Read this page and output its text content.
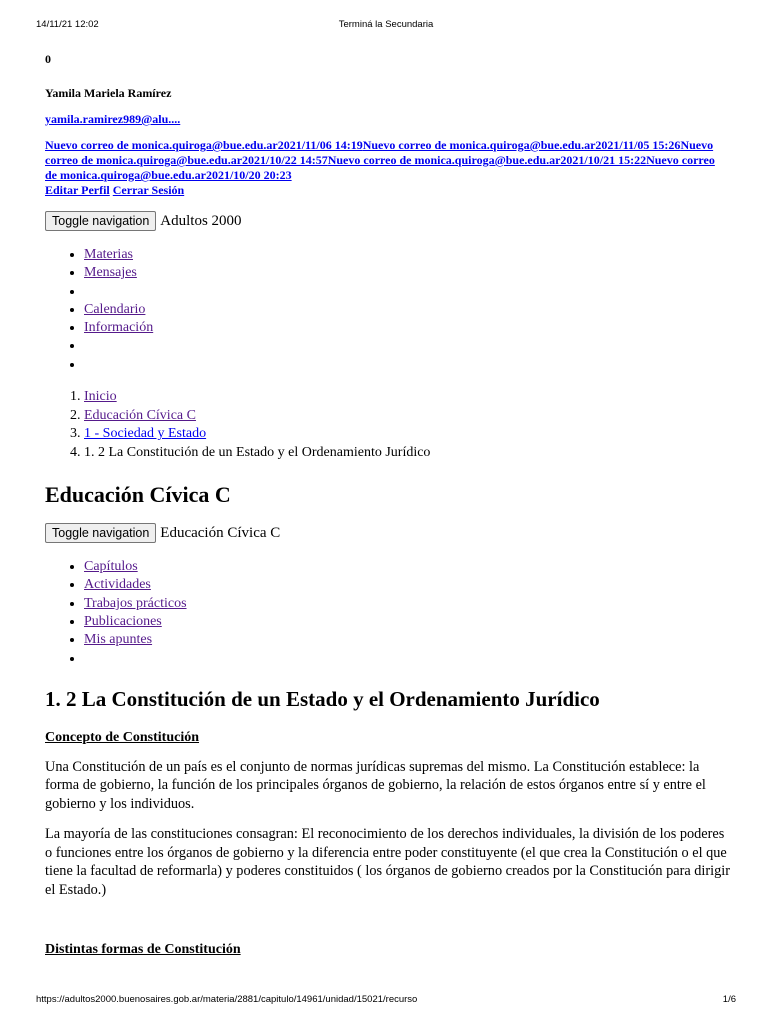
14/11/21 12:02	Terminá la Secundaria
0
Yamila Mariela Ramírez
yamila.ramirez989@alu....
Nuevo correo de monica.quiroga@bue.edu.ar2021/11/06 14:19Nuevo correo de monica.quiroga@bue.edu.ar2021/11/05 15:26Nuevo correo de monica.quiroga@bue.edu.ar2021/10/22 14:57Nuevo correo de monica.quiroga@bue.edu.ar2021/10/21 15:22Nuevo correo de monica.quiroga@bue.edu.ar2021/10/20 20:23
Editar Perfil Cerrar Sesión
Toggle navigation Adultos 2000
• Materias
• Mensajes
•
• Calendario
• Información
•
•
1. Inicio
2. Educación Cívica C
3. 1 - Sociedad y Estado
4. 1. 2 La Constitución de un Estado y el Ordenamiento Jurídico
Educación Cívica C
Toggle navigation Educación Cívica C
• Capítulos
• Actividades
• Trabajos prácticos
• Publicaciones
• Mis apuntes
•
1. 2 La Constitución de un Estado y el Ordenamiento Jurídico
Concepto de Constitución

Una Constitución de un país es el conjunto de normas jurídicas supremas del mismo. La Constitución establece: la forma de gobierno, la función de los principales órganos de gobierno, la relación de estos órganos entre sí y entre el gobierno y los individuos.

La mayoría de las constituciones consagran: El reconocimiento de los derechos individuales, la división de los poderes o funciones entre los órganos de gobierno y la diferencia entre poder constituyente (el que crea la Constitución o el que tiene la facultad de reformarla) y poderes constituidos ( los órganos de gobierno creados por la Constitución para dirigir el Estado.)

Distintas formas de Constitución
https://adultos2000.buenosaires.gob.ar/materia/2881/capitulo/14961/unidad/15021/recurso	1/6
